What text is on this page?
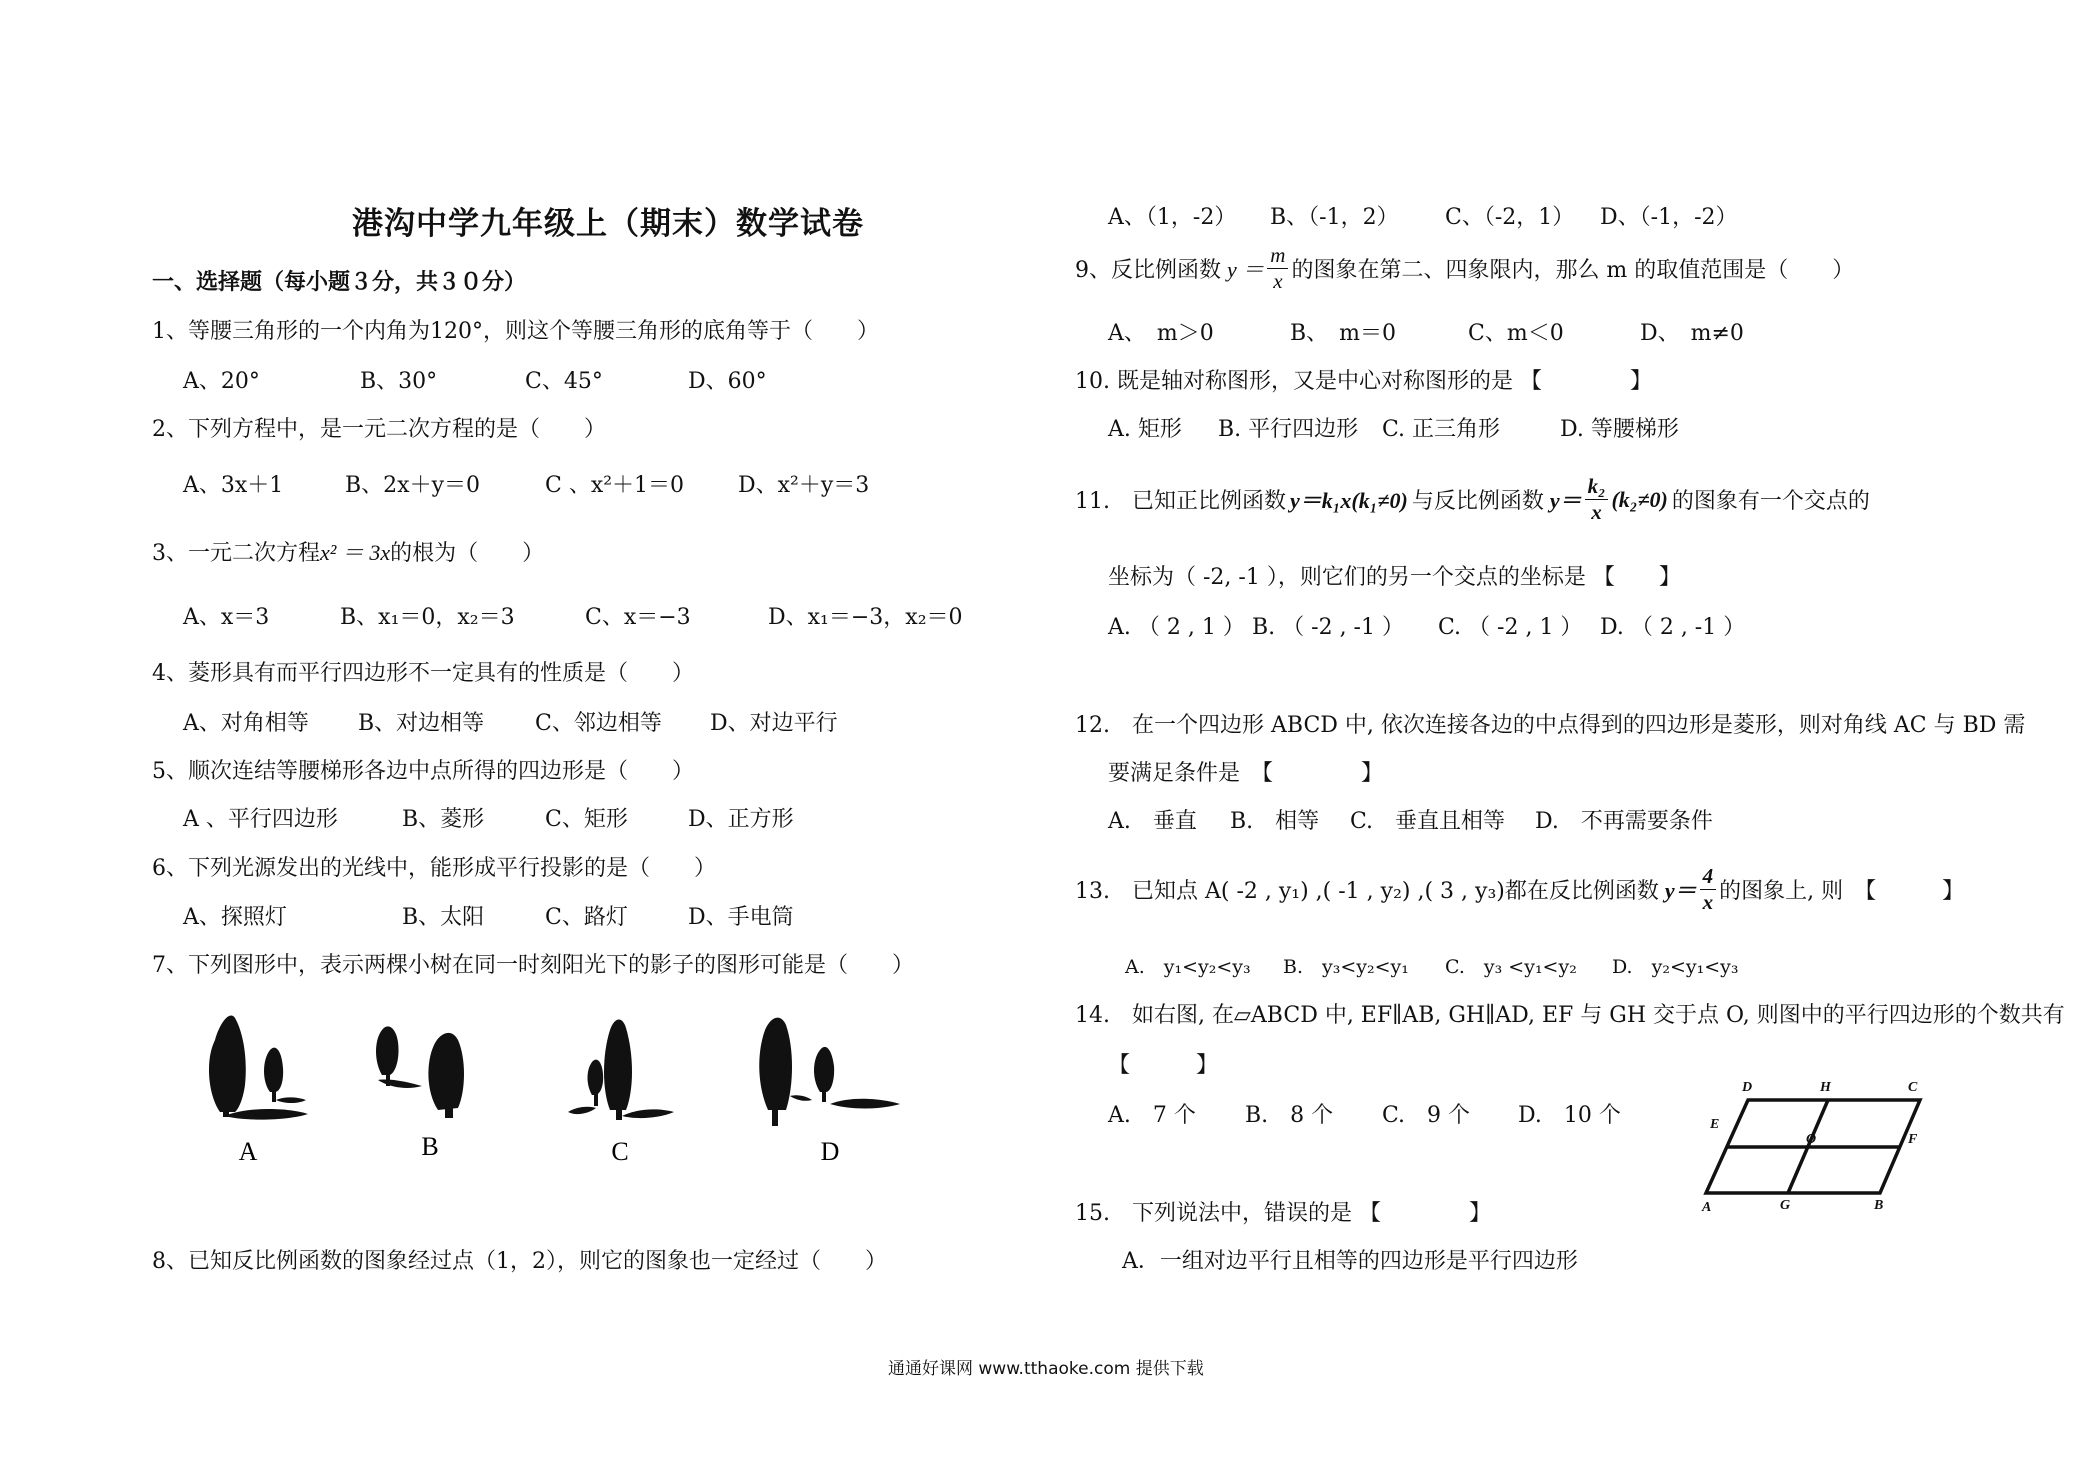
港沟中学九年级上（期末）数学试卷
一、选择题（每小题３分，共３０分）
1、等腰三角形的一个内角为120°，则这个等腰三角形的底角等于（　　）
A、20°	B、30°	C、45°	D、60°
2、下列方程中，是一元二次方程的是（　　）
A、3x＋1	B、2x＋y＝0	C 、x²＋1＝0 D、x²＋y＝3
3、一元二次方程x² ＝ 3x的根为（　　）
A、x＝3	B、x₁＝0，x₂＝3	C、x＝−3	D、x₁＝−3，x₂＝0
4、菱形具有而平行四边形不一定具有的性质是（　　）
A、对角相等 B、对边相等 C、邻边相等 D、对边平行
5、顺次连结等腰梯形各边中点所得的四边形是（　　）
A 、平行四边形	B、菱形	C、矩形	D、正方形
6、下列光源发出的光线中，能形成平行投影的是（　　）
A、探照灯	B、太阳	C、路灯	D、手电筒
7、下列图形中，表示两棵小树在同一时刻阳光下的影子的图形可能是（　　）
A	B	C	D
8、已知反比例函数的图象经过点（1，2），则它的图象也一定经过（　　）
A、（1，-2） B、（-1，2） C、（-2，1） D、（-1，-2）
9、反比例函数 $y = \frac{m}{x}$ 的图象在第二、四象限内，那么 m 的取值范围是（　　）
A、　m＞0	B、　m＝0	C、m＜0	D、　m≠0
10. 既是轴对称图形，又是中心对称图形的是 【　　　　】
A. 矩形 B. 平行四边形 C. 正三角形	D. 等腰梯形
11.　已知正比例函数 y＝k₁x(k₁≠0) 与反比例函数 $y= \frac{\text{k₂}}{x} (k_2\ne 0)$ 的图象有一个交点的
坐标为（ -2, -1 ），则它们的另一个交点的坐标是 【　　】
A. （ 2 , 1 ） B. （ -2 , -1 ） C. （ -2 , 1 ） D. （ 2 , -1 ）
12.　在一个四边形 ABCD 中, 依次连接各边的中点得到的四边形是菱形，则对角线 AC 与 BD 需
要满足条件是　【　　　　】
A.　垂直 B.　相等 C.　垂直且相等 D.　不再需要条件
13.　已知点 A( -2 , y₁) ,( -1 , y₂) ,( 3 , y₃)都在反比例函数 $y= \frac{4}{x}$ 的图象上, 则　【　　　】
A.　y₁<y₂<y₃ B.　y₃<y₂<y₁ C.　y₃ <y₁<y₂ D.　y₂<y₁<y₃
14.　如右图, 在▱ABCD 中, EF∥AB, GH∥AD, EF 与 GH 交于点 O, 则图中的平行四边形的个数共有
【　　　】
A.　7 个 B.　8 个 C.　9 个 D.　10 个
D	H	C
E
O	F
A	G	B
15.　下列说法中，错误的是 【　　　　】
A．一组对边平行且相等的四边形是平行四边形
通通好课网 www.tthaoke.com 提供下载
